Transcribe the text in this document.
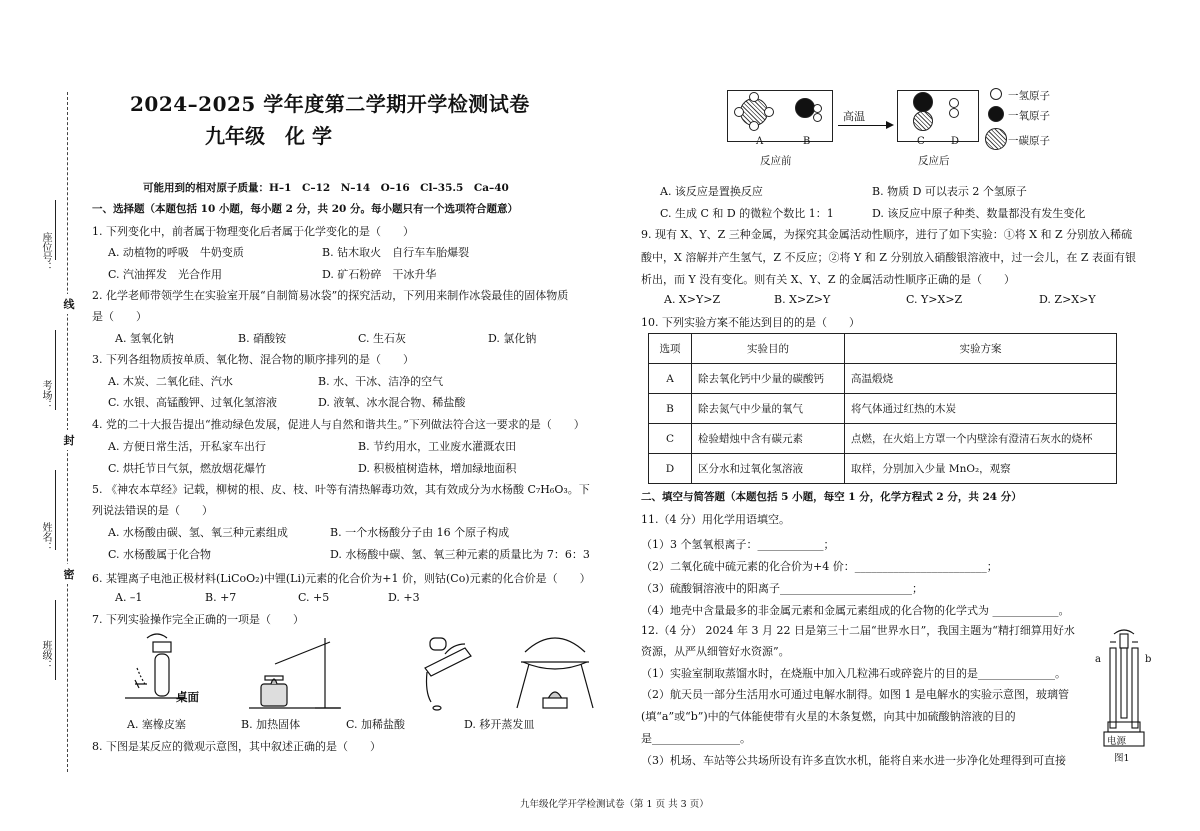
座位号：
考场：
姓名：
班级：
线
封
密
2024–2025 学年度第二学期开学检测试卷
九年级　化 学
可能用到的相对原子质量：H–1　C–12　N–14　O–16　Cl–35.5　Ca–40
一、选择题（本题包括 10 小题，每小题 2 分，共 20 分。每小题只有一个选项符合题意）
1. 下列变化中，前者属于物理变化后者属于化学变化的是（　　）
A. 动植物的呼吸　牛奶变质	B. 钻木取火　自行车车胎爆裂
C. 汽油挥发　光合作用	D. 矿石粉碎　干冰升华
2. 化学老师带领学生在实验室开展“自制简易冰袋”的探究活动，下列用来制作冰袋最佳的固体物质
是（　　）
A. 氢氧化钠	B. 硝酸铵	C. 生石灰	D. 氯化钠
3. 下列各组物质按单质、氧化物、混合物的顺序排列的是（　　）
A. 木炭、二氧化硅、汽水	B. 水、干冰、洁净的空气
C. 水银、高锰酸钾、过氧化氢溶液	D. 液氧、冰水混合物、稀盐酸
4. 党的二十大报告提出“推动绿色发展，促进人与自然和谐共生。”下列做法符合这一要求的是（　　）
A. 方便日常生活，开私家车出行	B. 节约用水，工业废水灌溉农田
C. 烘托节日气氛，燃放烟花爆竹	D. 积极植树造林，增加绿地面积
5. 《神农本草经》记载，柳树的根、皮、枝、叶等有清热解毒功效，其有效成分为水杨酸 C₇H₆O₃。下
列说法错误的是（　　）
A. 水杨酸由碳、氢、氧三种元素组成	B. 一个水杨酸分子由 16 个原子构成
C. 水杨酸属于化合物	D. 水杨酸中碳、氢、氧三种元素的质量比为 7：6：3
6. 某锂离子电池正极材料(LiCoO₂)中锂(Li)元素的化合价为+1 价，则钴(Co)元素的化合价是（　　）
A. –1	B. +7	C. +5	D. +3
7. 下列实验操作完全正确的一项是（　　）
桌面
A. 塞橡皮塞	B. 加热固体	C. 加稀盐酸	D. 移开蒸发皿
8. 下图是某反应的微观示意图，其中叙述正确的是（　　）
A	B
反应前
高温
C	D
反应后
一氢原子
一氧原子
一碳原子
A. 该反应是置换反应	B. 物质 D 可以表示 2 个氢原子
C. 生成 C 和 D 的微粒个数比 1：1	D. 该反应中原子种类、数量都没有发生变化
9. 现有 X、Y、Z 三种金属，为探究其金属活动性顺序，进行了如下实验：①将 X 和 Z 分别放入稀硫
酸中，X 溶解并产生氢气，Z 不反应；②将 Y 和 Z 分别放入硝酸银溶液中，过一会儿，在 Z 表面有银
析出，而 Y 没有变化。则有关 X、Y、Z 的金属活动性顺序正确的是（　　）
A. X>Y>Z	B. X>Z>Y	C. Y>X>Z	D. Z>X>Y
10. 下列实验方案不能达到目的的是（　　）
选项	实验目的	实验方案
A	除去氧化钙中少量的碳酸钙	高温煅烧
B	除去氮气中少量的氧气	将气体通过红热的木炭
C	检验蜡烛中含有碳元素	点燃，在火焰上方罩一个内壁涂有澄清石灰水的烧杯
D	区分水和过氧化氢溶液	取样，分别加入少量 MnO₂，观察
二、填空与简答题（本题包括 5 小题，每空 1 分，化学方程式 2 分，共 24 分）
11.（4 分）用化学用语填空。
（1）3 个氢氧根离子：____________；
（2）二氧化硫中硫元素的化合价为+4 价：________________________；
（3）硫酸铜溶液中的阳离子________________________；
（4）地壳中含量最多的非金属元素和金属元素组成的化合物的化学式为 ____________。
12.（4 分） 2024 年 3 月 22 日是第三十二届“世界水日”，我国主题为“精打细算用好水
资源，从严从细管好水资源”。
（1）实验室制取蒸馏水时，在烧瓶中加入几粒沸石或碎瓷片的目的是______________。
（2）航天员一部分生活用水可通过电解水制得。如图 1 是电解水的实验示意图，玻璃管
(填“a”或“b”)中的气体能使带有火星的木条复燃，向其中加硫酸钠溶液的目的
是________________。
（3）机场、车站等公共场所设有许多直饮水机，能将自来水进一步净化处理得到可直接
a	b
电源
图1
九年级化学开学检测试卷（第 1 页 共 3 页）
